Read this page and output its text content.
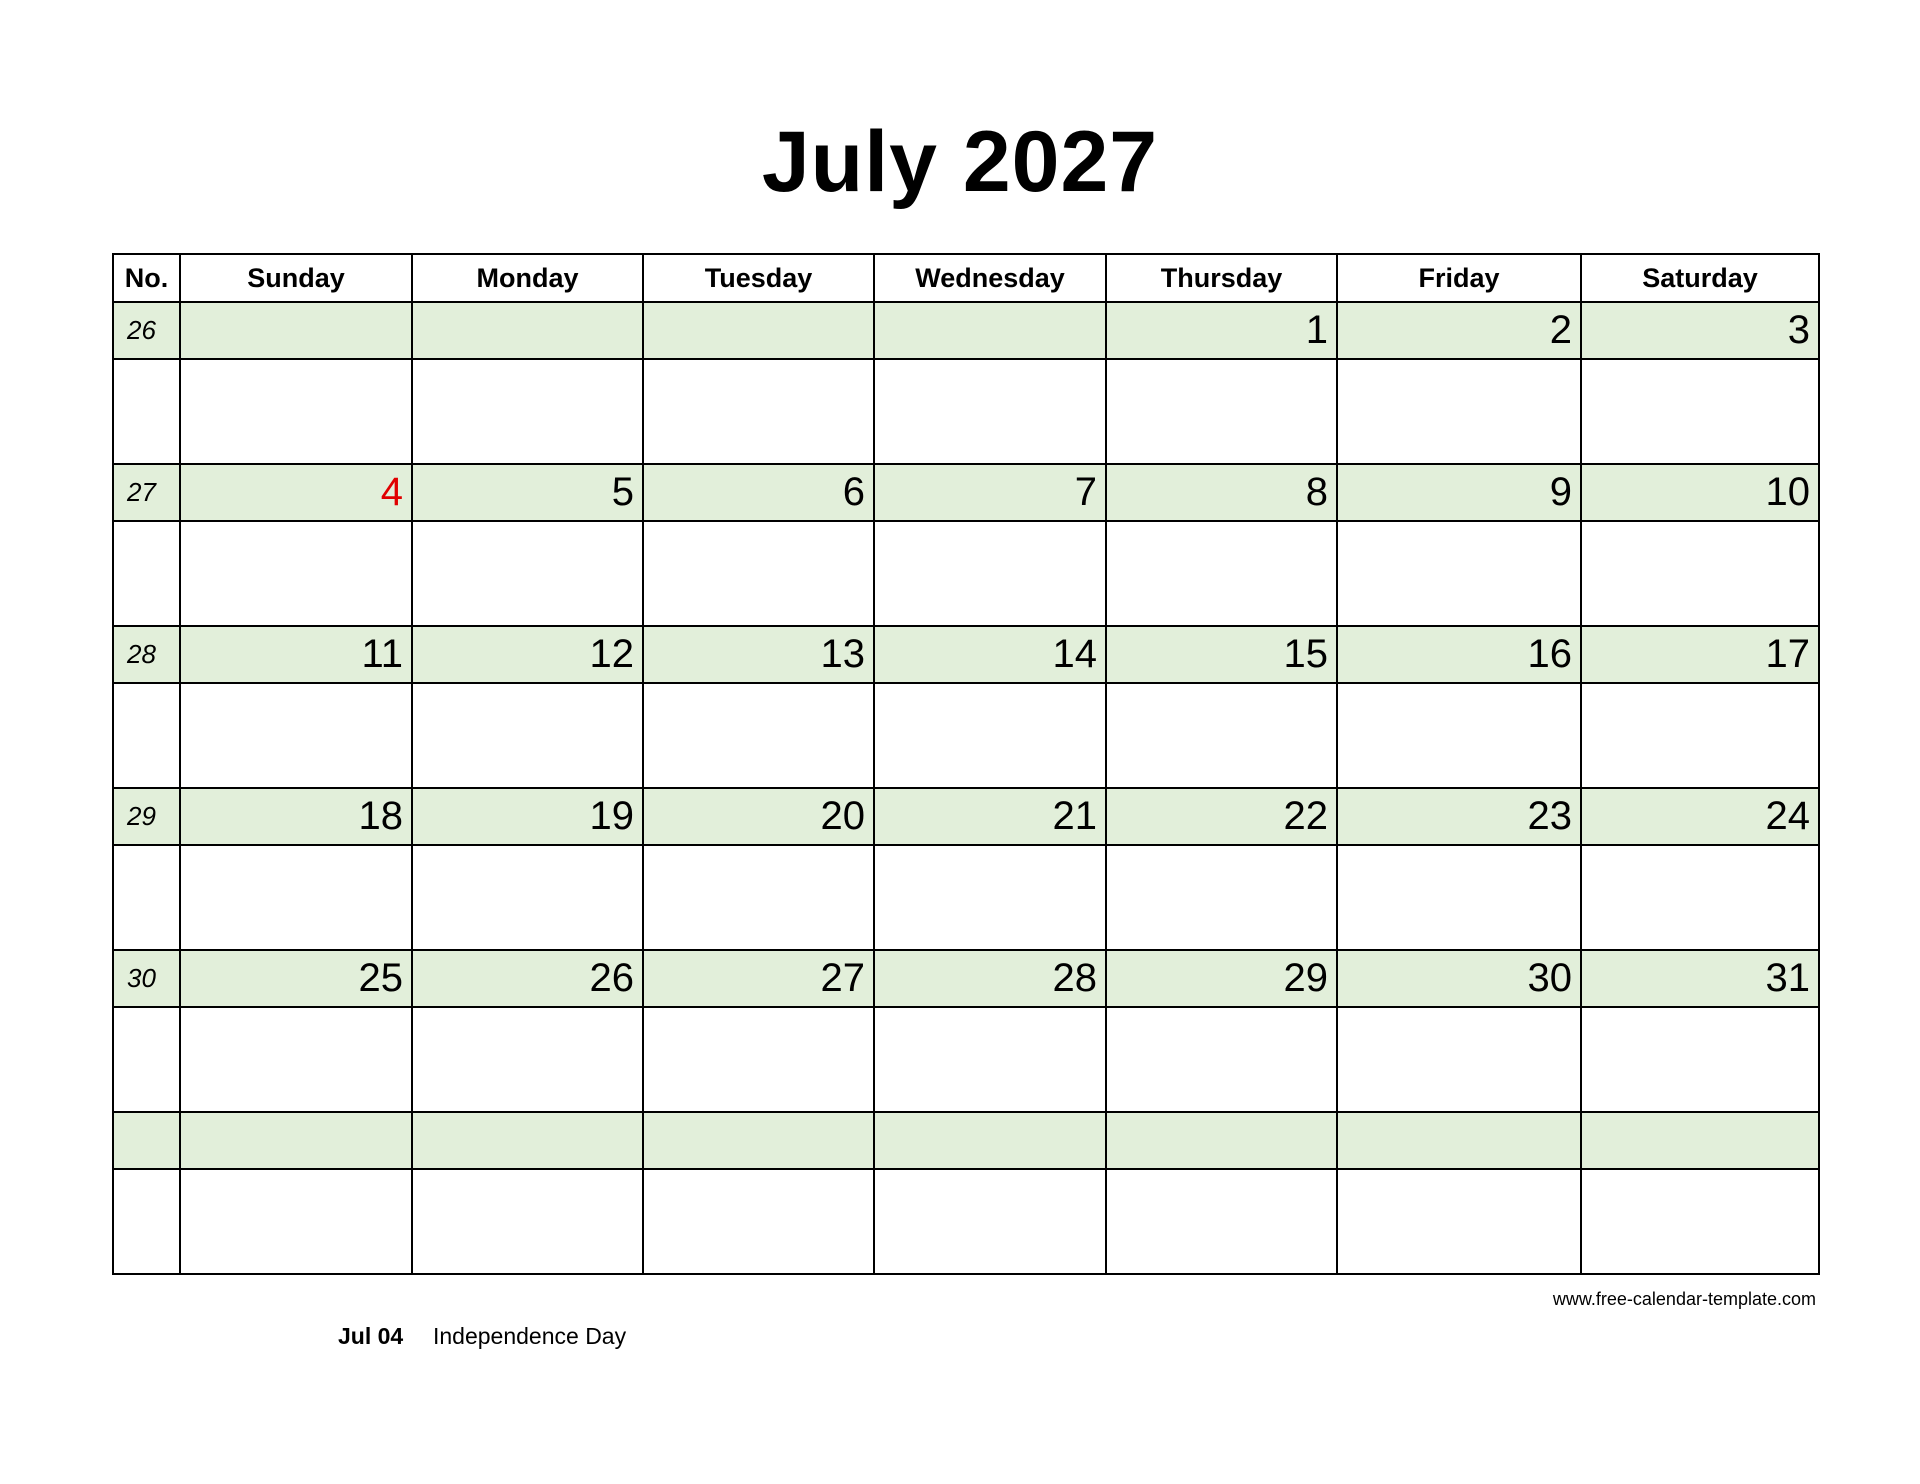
July 2027
No.	Sunday	Monday	Tuesday	Wednesday	Thursday	Friday	Saturday
26					1	2	3

27	4	5	6	7	8	9	10

28	11	12	13	14	15	16	17

29	18	19	20	21	22	23	24

30	25	26	27	28	29	30	31

www.free-calendar-template.com
Jul 04 Independence Day
